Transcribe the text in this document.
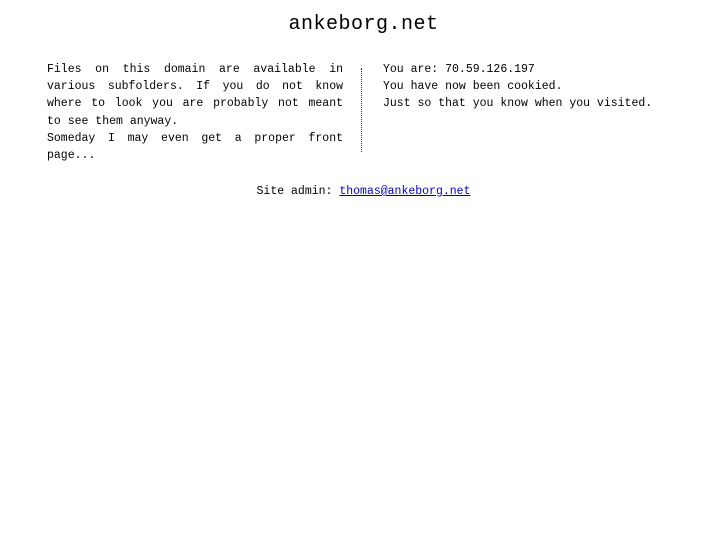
ankeborg.net

Files on this domain are available in various subfolders. If you do not know where to look you are probably not meant to see them anyway.

Someday I may even get a proper front page...

You are: 70.59.126.197
You have now been cookied.
Just so that you know when you visited.
Site admin: thomas@ankeborg.net
